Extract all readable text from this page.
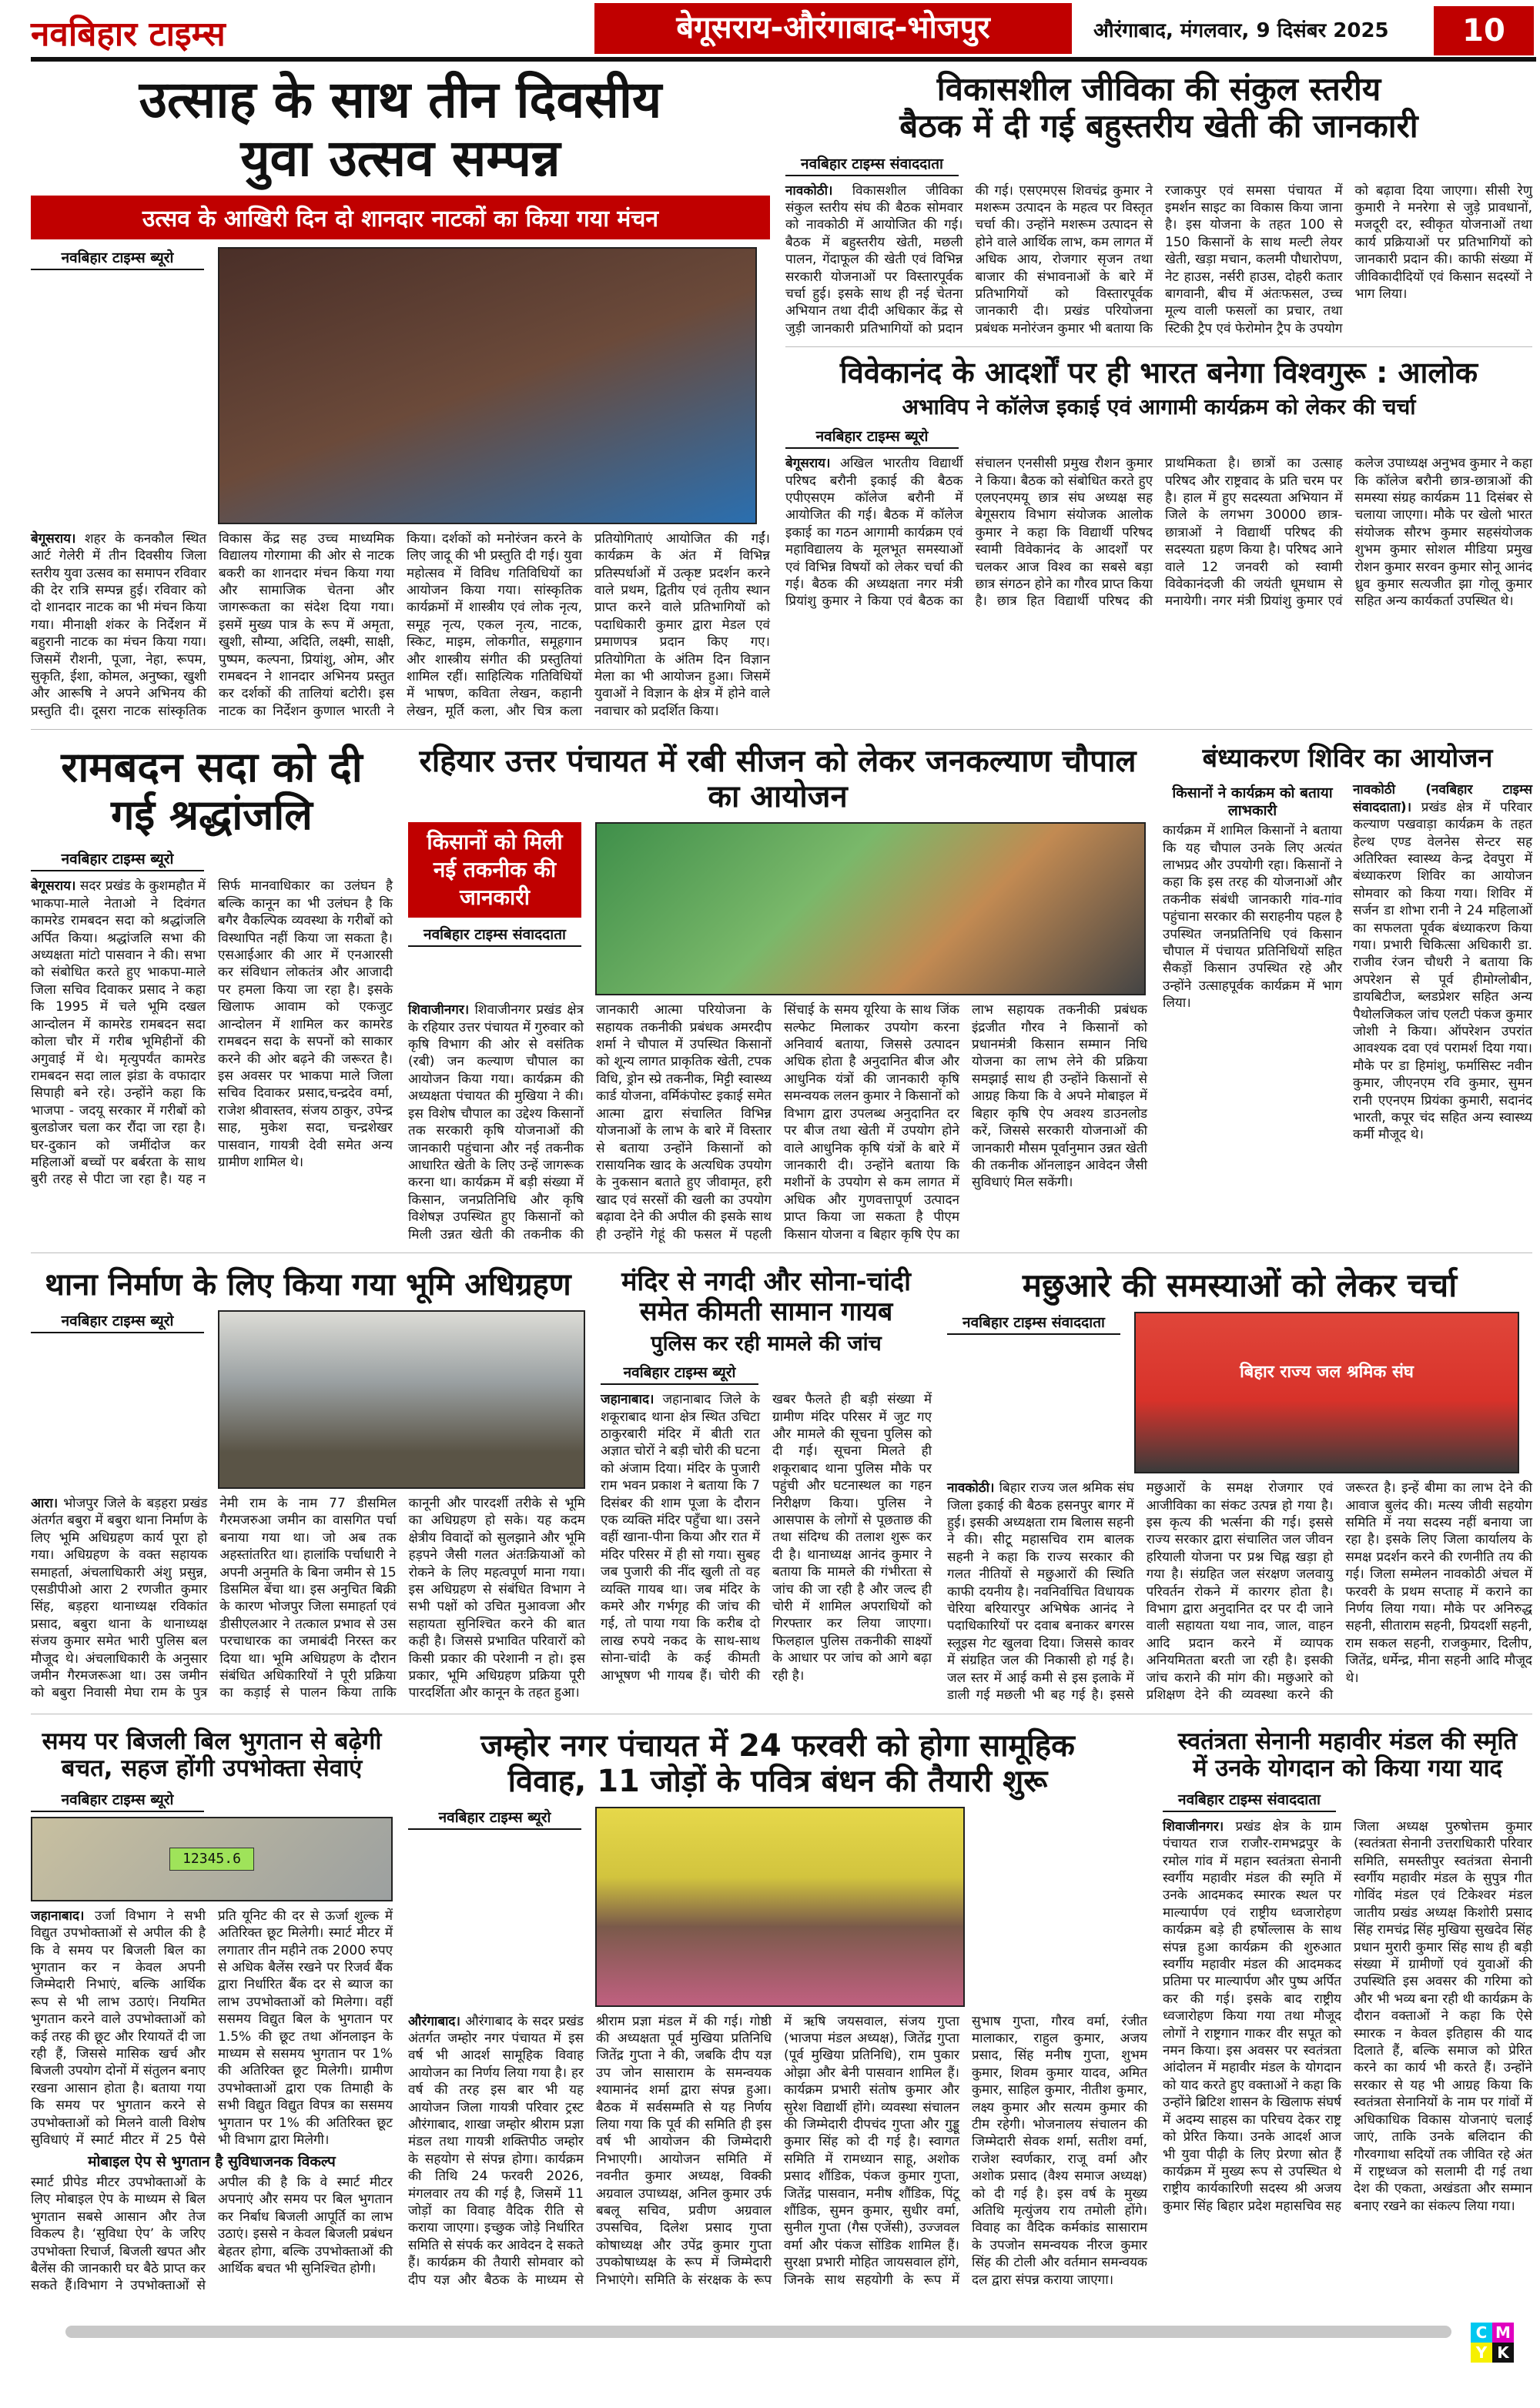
नवबिहार टाइम्स	बेगूसराय-औरंगाबाद-भोजपुर	औरंगाबाद, मंगलवार, 9 दिसंबर 2025	10
उत्साह के साथ तीन दिवसीय
युवा उत्सव सम्पन्न
उत्सव के आखिरी दिन दो शानदार नाटकों का किया गया मंचन
नवबिहार टाइम्स ब्यूरो
बेगूसराय। शहर के कनकौल स्थित आर्ट गेलेरी में तीन दिवसीय जिला स्तरीय युवा उत्सव का समापन रविवार की देर रात्रि सम्पन्न हुई। रविवार को दो शानदार नाटक का भी मंचन किया गया। मीनाक्षी शंकर के निर्देशन में बहुरानी नाटक का मंचन किया गया। जिसमें रौशनी, पूजा, नेहा, रूपम, सुकृति, ईशा, कोमल, अनुष्का, खुशी और आरूषि ने अपने अभिनय की प्रस्तुति दी। दूसरा नाटक सांस्कृतिक विकास केंद्र सह उच्च माध्यमिक विद्यालय गोरगामा की ओर से नाटक बकरी का शानदार मंचन किया गया और सामाजिक चेतना और जागरूकता का संदेश दिया गया। इसमें मुख्य पात्र के रूप में अमृता, खुशी, सौम्या, अदिति, लक्ष्मी, साक्षी, पुष्पम, कल्पना, प्रियांशु, ओम, और रामबदन ने शानदार अभिनय प्रस्तुत कर दर्शकों की तालियां बटोरी। इस नाटक का निर्देशन कुणाल भारती ने किया। दर्शकों को मनोरंजन करने के लिए जादू की भी प्रस्तुति दी गई। युवा महोत्सव में विविध गतिविधियों का आयोजन किया गया। सांस्कृतिक कार्यक्रमों में शास्त्रीय एवं लोक नृत्य, समूह नृत्य, एकल नृत्य, नाटक, स्किट, माइम, लोकगीत, समूहगान और शास्त्रीय संगीत की प्रस्तुतियां शामिल रहीं। साहित्यिक गतिविधियों में भाषण, कविता लेखन, कहानी लेखन, मूर्ति कला, और चित्र कला प्रतियोगिताएं आयोजित की गईं। कार्यक्रम के अंत में विभिन्न प्रतिस्पर्धाओं में उत्कृष्ट प्रदर्शन करने वाले प्रथम, द्वितीय एवं तृतीय स्थान प्राप्त करने वाले प्रतिभागियों को पदाधिकारी कुमार द्वारा मेडल एवं प्रमाणपत्र प्रदान किए गए। प्रतियोगिता के अंतिम दिन विज्ञान मेला का भी आयोजन हुआ। जिसमें युवाओं ने विज्ञान के क्षेत्र में होने वाले नवाचार को प्रदर्शित किया।
विकासशील जीविका की संकुल स्तरीय
बैठक में दी गई बहुस्तरीय खेती की जानकारी
नवबिहार टाइम्स संवाददाता
नावकोठी। विकासशील जीविका संकुल स्तरीय संघ की बैठक सोमवार को नावकोठी में आयोजित की गई। बैठक में बहुस्तरीय खेती, मछली पालन, गेंदाफूल की खेती एवं विभिन्न सरकारी योजनाओं पर विस्तारपूर्वक चर्चा हुई। इसके साथ ही नई चेतना अभियान तथा दीदी अधिकार केंद्र से जुड़ी जानकारी प्रतिभागियों को प्रदान की गई। एसएमएस शिवचंद्र कुमार ने मशरूम उत्पादन के महत्व पर विस्तृत चर्चा की। उन्होंने मशरूम उत्पादन से होने वाले आर्थिक लाभ, कम लागत में अधिक आय, रोजगार सृजन तथा बाजार की संभावनाओं के बारे में प्रतिभागियों को विस्तारपूर्वक जानकारी दी। प्रखंड परियोजना प्रबंधक मनोरंजन कुमार भी बताया कि रजाकपुर एवं समसा पंचायत में इमर्शन साइट का विकास किया जाना है। इस योजना के तहत 100 से 150 किसानों के साथ मल्टी लेयर खेती, खड़ा मचान, कलमी पौधारोपण, नेट हाउस, नर्सरी हाउस, दोहरी कतार बागवानी, बीच में अंतःफसल, उच्च मूल्य वाली फसलों का प्रचार, तथा स्टिकी ट्रैप एवं फेरोमोन ट्रैप के उपयोग को बढ़ावा दिया जाएगा। सीसी रेणु कुमारी ने मनरेगा से जुड़े प्रावधानों, मजदूरी दर, स्वीकृत योजनाओं तथा कार्य प्रक्रियाओं पर प्रतिभागियों को जानकारी प्रदान की। काफी संख्या में जीविकादीदियों एवं किसान सदस्यों ने भाग लिया।
विवेकानंद के आदर्शों पर ही भारत बनेगा विश्वगुरू : आलोक
अभाविप ने कॉलेज इकाई एवं आगामी कार्यक्रम को लेकर की चर्चा
नवबिहार टाइम्स ब्यूरो
बेगूसराय। अखिल भारतीय विद्यार्थी परिषद बरौनी इकाई की बैठक एपीएसएम कॉलेज बरौनी में आयोजित की गई। बैठक में कॉलेज इकाई का गठन आगामी कार्यक्रम एवं महाविद्यालय के मूलभूत समस्याओं एवं विभिन्न विषयों को लेकर चर्चा की गई। बैठक की अध्यक्षता नगर मंत्री प्रियांशु कुमार ने किया एवं बैठक का संचालन एनसीसी प्रमुख रौशन कुमार ने किया। बैठक को संबोधित करते हुए एलएनएमयू छात्र संघ अध्यक्ष सह बेगूसराय विभाग संयोजक आलोक कुमार ने कहा कि विद्यार्थी परिषद स्वामी विवेकानंद के आदर्शों पर चलकर आज विश्व का सबसे बड़ा छात्र संगठन होने का गौरव प्राप्त किया है। छात्र हित विद्यार्थी परिषद की प्राथमिकता है। छात्रों का उत्साह परिषद और राष्ट्रवाद के प्रति चरम पर है। हाल में हुए सदस्यता अभियान में जिले के लगभग 30000 छात्र-छात्राओं ने विद्यार्थी परिषद की सदस्यता ग्रहण किया है। परिषद आने वाले 12 जनवरी को स्वामी विवेकानंदजी की जयंती धूमधाम से मनायेगी। नगर मंत्री प्रियांशु कुमार एवं कलेज उपाध्यक्ष अनुभव कुमार ने कहा कि कॉलेज बरौनी छात्र-छात्राओं की समस्या संग्रह कार्यक्रम 11 दिसंबर से चलाया जाएगा। मौके पर खेलो भारत संयोजक सौरभ कुमार सहसंयोजक शुभम कुमार सोशल मीडिया प्रमुख रोशन कुमार सरवन कुमार सोनू आनंद ध्रुव कुमार सत्यजीत झा गोलू कुमार सहित अन्य कार्यकर्ता उपस्थित थे।
रामबदन सदा को दी
गई श्रद्धांजलि
नवबिहार टाइम्स ब्यूरो
बेगूसराय। सदर प्रखंड के कुशमहौत में भाकपा-माले नेताओ ने दिवंगत कामरेड रामबदन सदा को श्रद्धांजलि अर्पित किया। श्रद्धांजलि सभा की अध्यक्षता मांटो पासवान ने की। सभा को संबोधित करते हुए भाकपा-माले जिला सचिव दिवाकर प्रसाद ने कहा कि 1995 में चले भूमि दखल आन्दोलन में कामरेड रामबदन सदा कोला चौर में गरीब भूमिहीनों की अगुवाई में थे। मृत्युपर्यंत कामरेड रामबदन सदा लाल झंडा के वफादार सिपाही बने रहे। उन्होंने कहा कि भाजपा - जदयू सरकार में गरीबों को बुलडोजर चला कर रौंदा जा रहा है। घर-दुकान को जमींदोज कर महिलाओं बच्चों पर बर्बरता के साथ बुरी तरह से पीटा जा रहा है। यह न सिर्फ मानवाधिकार का उलंघन है बल्कि कानून का भी उलंघन है कि बगैर वैकल्पिक व्यवस्था के गरीबों को विस्थापित नहीं किया जा सकता है। एसआईआर की आर में एनआरसी कर संविधान लोकतंत्र और आजादी पर हमला किया जा रहा है। इसके खिलाफ आवाम को एकजुट आन्दोलन में शामिल कर कामरेड रामबदन सदा के सपनों को साकार करने की ओर बढ़ने की जरूरत है। इस अवसर पर भाकपा माले जिला सचिव दिवाकर प्रसाद,चन्द्रदेव वर्मा, राजेश श्रीवास्तव, संजय ठाकुर, उपेन्द्र साह, मुकेश सदा, चन्द्रशेखर पासवान, गायत्री देवी समेत अन्य ग्रामीण शामिल थे।
रहियार उत्तर पंचायत में रबी सीजन को लेकर जनकल्याण चौपाल का आयोजन
किसानों को मिली नई तकनीक की जानकारी
नवबिहार टाइम्स संवाददाता
शिवाजीनगर। शिवाजीनगर प्रखंड क्षेत्र के रहियार उत्तर पंचायत में गुरुवार को कृषि विभाग की ओर से वसंतिक (रबी) जन कल्याण चौपाल का आयोजन किया गया। कार्यक्रम की अध्यक्षता पंचायत की मुखिया ने की। इस विशेष चौपाल का उद्देश्य किसानों तक सरकारी कृषि योजनाओं की जानकारी पहुंचाना और नई तकनीक आधारित खेती के लिए उन्हें जागरूक करना था। कार्यक्रम में बड़ी संख्या में किसान, जनप्रतिनिधि और कृषि विशेषज्ञ उपस्थित हुए किसानों को मिली उन्नत खेती की तकनीक की जानकारी आत्मा परियोजना के सहायक तकनीकी प्रबंधक अमरदीप शर्मा ने चौपाल में उपस्थित किसानों को शून्य लागत प्राकृतिक खेती, टपक विधि, ड्रोन स्प्रे तकनीक, मिट्टी स्वास्थ्य कार्ड योजना, वर्मिकंपोस्ट इकाई समेत आत्मा द्वारा संचालित विभिन्न योजनाओं के लाभ के बारे में विस्तार से बताया उन्होंने किसानों को रासायनिक खाद के अत्यधिक उपयोग के नुकसान बताते हुए जीवामृत, हरी खाद एवं सरसों की खली का उपयोग बढ़ावा देने की अपील की इसके साथ ही उन्होंने गेहूं की फसल में पहली सिंचाई के समय यूरिया के साथ जिंक सल्फेट मिलाकर उपयोग करना अनिवार्य बताया, जिससे उत्पादन अधिक होता है अनुदानित बीज और आधुनिक यंत्रों की जानकारी कृषि समन्वयक ललन कुमार ने किसानों को विभाग द्वारा उपलब्ध अनुदानित दर पर बीज तथा खेती में उपयोग होने वाले आधुनिक कृषि यंत्रों के बारे में जानकारी दी। उन्होंने बताया कि मशीनों के उपयोग से कम लागत में अधिक और गुणवत्तापूर्ण उत्पादन प्राप्त किया जा सकता है पीएम किसान योजना व बिहार कृषि ऐप का लाभ सहायक तकनीकी प्रबंधक इंद्रजीत गौरव ने किसानों को प्रधानमंत्री किसान सम्मान निधि योजना का लाभ लेने की प्रक्रिया समझाई साथ ही उन्होंने किसानों से आग्रह किया कि वे अपने मोबाइल में बिहार कृषि ऐप अवश्य डाउनलोड करें, जिससे सरकारी योजनाओं की जानकारी मौसम पूर्वानुमान उन्नत खेती की तकनीक ऑनलाइन आवेदन जैसी सुविधाएं मिल सकेंगी।
बंध्याकरण शिविर का आयोजन
किसानों ने कार्यक्रम को बताया लाभकारी
कार्यक्रम में शामिल किसानों ने बताया कि यह चौपाल उनके लिए अत्यंत लाभप्रद और उपयोगी रहा। किसानों ने कहा कि इस तरह की योजनाओं और तकनीक संबंधी जानकारी गांव-गांव पहुंचाना सरकार की सराहनीय पहल है उपस्थित जनप्रतिनिधि एवं किसान चौपाल में पंचायत प्रतिनिधियों सहित सैकड़ों किसान उपस्थित रहे और उन्होंने उत्साहपूर्वक कार्यक्रम में भाग लिया।
नावकोठी (नवबिहार टाइम्स संवाददाता)। प्रखंड क्षेत्र में परिवार कल्याण पखवाड़ा कार्यक्रम के तहत हेल्थ एण्ड वेलनेस सेन्टर सह अतिरिक्त स्वास्थ्य केन्द्र देवपुरा में बंध्याकरण शिविर का आयोजन सोमवार को किया गया। शिविर में सर्जन डा शोभा रानी ने 24 महिलाओं का सफलता पूर्वक बंध्याकरण किया गया। प्रभारी चिकित्सा अधिकारी डा. राजीव रंजन चौधरी ने बताया कि अपरेशन से पूर्व हीमोग्लोबीन, डायबिटीज, ब्लडप्रेशर सहित अन्य पैथोलजिकल जांच एलटी पंकज कुमार जोशी ने किया। ऑपरेशन उपरांत आवश्यक दवा एवं परामर्श दिया गया। मौके पर डा हिमांशु, फर्मासिस्ट नवीन कुमार, जीएनएम रवि कुमार, सुमन रानी एएनएम प्रियंका कुमारी, सदानंद भारती, कपूर चंद सहित अन्य स्वास्थ्य कर्मी मौजूद थे।
थाना निर्माण के लिए किया गया भूमि अधिग्रहण
नवबिहार टाइम्स ब्यूरो
आरा। भोजपुर जिले के बड़हरा प्रखंड अंतर्गत बबुरा में बबुरा थाना निर्माण के लिए भूमि अधिग्रहण कार्य पूरा हो गया। अधिग्रहण के वक्त सहायक समाहर्ता, अंचलाधिकारी अंशु प्रसुन्न, एसडीपीओ आरा 2 रणजीत कुमार सिंह, बड़हरा थानाध्यक्ष रविकांत प्रसाद, बबुरा थाना के थानाध्यक्ष संजय कुमार समेत भारी पुलिस बल मौजूद थे। अंचलाधिकारी के अनुसार जमीन गैरमजरूआ था। उस जमीन को बबुरा निवासी मेघा राम के पुत्र नेमी राम के नाम 77 डीसमिल गैरमजरुआ जमीन का वासगित पर्चा बनाया गया था। जो अब तक अहस्तांतरित था। हालांकि पर्चाधारी ने अपनी अनुमति के बिना जमीन से 15 डिसमिल बेंचा था। इस अनुचित बिक्री के कारण भोजपुर जिला समाहर्ता एवं डीसीएलआर ने तत्काल प्रभाव से उस परचाधारक का जमाबंदी निरस्त कर दिया था। भूमि अधिग्रहण के दौरान संबंधित अधिकारियों ने पूरी प्रक्रिया का कड़ाई से पालन किया ताकि कानूनी और पारदर्शी तरीके से भूमि का अधिग्रहण हो सके। यह कदम क्षेत्रीय विवादों को सुलझाने और भूमि हड़पने जैसी गलत अंतःक्रियाओं को रोकने के लिए महत्वपूर्ण माना गया। इस अधिग्रहण से संबंधित विभाग ने सभी पक्षों को उचित मुआवजा और सहायता सुनिश्चित करने की बात कही है। जिससे प्रभावित परिवारों को किसी प्रकार की परेशानी न हो। इस प्रकार, भूमि अधिग्रहण प्रक्रिया पूरी पारदर्शिता और कानून के तहत हुआ।
मंदिर से नगदी और सोना-चांदी
समेत कीमती सामान गायब
पुलिस कर रही मामले की जांच
नवबिहार टाइम्स ब्यूरो
जहानाबाद। जहानाबाद जिले के शकूराबाद थाना क्षेत्र स्थित उचिटा ठाकुरबारी मंदिर में बीती रात अज्ञात चोरों ने बड़ी चोरी की घटना को अंजाम दिया। मंदिर के पुजारी राम भवन प्रकाश ने बताया कि 7 दिसंबर की शाम पूजा के दौरान एक व्यक्ति मंदिर पहुँचा था। उसने वहीं खाना-पीना किया और रात में मंदिर परिसर में ही सो गया। सुबह जब पुजारी की नींद खुली तो वह व्यक्ति गायब था। जब मंदिर के कमरे और गर्भगृह की जांच की गई, तो पाया गया कि करीब दो लाख रुपये नकद के साथ-साथ सोना-चांदी के कई कीमती आभूषण भी गायब हैं। चोरी की खबर फैलते ही बड़ी संख्या में ग्रामीण मंदिर परिसर में जुट गए और मामले की सूचना पुलिस को दी गई। सूचना मिलते ही शकूराबाद थाना पुलिस मौके पर पहुंची और घटनास्थल का गहन निरीक्षण किया। पुलिस ने आसपास के लोगों से पूछताछ की तथा संदिग्ध की तलाश शुरू कर दी है। थानाध्यक्ष आनंद कुमार ने बताया कि मामले की गंभीरता से जांच की जा रही है और जल्द ही चोरी में शामिल अपराधियों को गिरफ्तार कर लिया जाएगा। फिलहाल पुलिस तकनीकी साक्ष्यों के आधार पर जांच को आगे बढ़ा रही है।
मछुआरे की समस्याओं को लेकर चर्चा
नवबिहार टाइम्स संवाददाता
बिहार राज्य जल श्रमिक संघ
नावकोठी। बिहार राज्य जल श्रमिक संघ जिला इकाई की बैठक हसनपुर बागर में हुई। इसकी अध्यक्षता राम बिलास सहनी ने की। सीटू महासचिव राम बालक सहनी ने कहा कि राज्य सरकार की गलत नीतियों से मछुआरों की स्थिति काफी दयनीय है। नवनिर्वाचित विधायक चेरिया बरियारपुर अभिषेक आनंद ने पदाधिकारियों पर दवाब बनाकर बगरस स्लूइस गेट खुलवा दिया। जिससे कावर में संग्रहित जल की निकासी हो गई है। जल स्तर में आई कमी से इस इलाके में डाली गई मछली भी बह गई है। इससे मछुआरों के समक्ष रोजगार एवं आजीविका का संकट उत्पन्न हो गया है। इस कृत्य की भर्त्सना की गई। इससे राज्य सरकार द्वारा संचालित जल जीवन हरियाली योजना पर प्रश्न चिह्न खड़ा हो गया है। संग्रहित जल संरक्षण जलवायु परिवर्तन रोकने में कारगर होता है। विभाग द्वारा अनुदानित दर पर दी जाने वाली सहायता यथा नाव, जाल, वाहन आदि प्रदान करने में व्यापक अनियमितता बरती जा रही है। इसकी जांच कराने की मांग की। मछुआरे को प्रशिक्षण देने की व्यवस्था करने की जरूरत है। इन्हें बीमा का लाभ देने की आवाज बुलंद की। मत्स्य जीवी सहयोग समिति में नया सदस्य नहीं बनाया जा रहा है। इसके लिए जिला कार्यालय के समक्ष प्रदर्शन करने की रणनीति तय की गई। जिला सम्मेलन नावकोठी अंचल में फरवरी के प्रथम सप्ताह में कराने का निर्णय लिया गया। मौके पर अनिरुद्ध सहनी, सीताराम सहनी, प्रियदर्शी सहनी, राम सकल सहनी, राजकुमार, दिलीप, जितेंद्र, धर्मेन्द्र, मीना सहनी आदि मौजूद थे।
समय पर बिजली बिल भुगतान से बढ़ेगी
बचत, सहज होंगी उपभोक्ता सेवाएं
नवबिहार टाइम्स ब्यूरो
12345.6
जहानाबाद। उर्जा विभाग ने सभी विद्युत उपभोक्ताओं से अपील की है कि वे समय पर बिजली बिल का भुगतान कर न केवल अपनी जिम्मेदारी निभाएं, बल्कि आर्थिक रूप से भी लाभ उठाएं। नियमित भुगतान करने वाले उपभोक्ताओं को कई तरह की छूट और रियायतें दी जा रही हैं, जिससे मासिक खर्च और बिजली उपयोग दोनों में संतुलन बनाए रखना आसान होता है। बताया गया कि समय पर भुगतान करने से उपभोक्ताओं को मिलने वाली विशेष सुविधाएं में स्मार्ट मीटर में 25 पैसे प्रति यूनिट की दर से ऊर्जा शुल्क में अतिरिक्त छूट मिलेगी। स्मार्ट मीटर में लगातार तीन महीने तक 2000 रुपए से अधिक बैलेंस रखने पर रिजर्व बैंक द्वारा निर्धारित बैंक दर से ब्याज का लाभ उपभोक्ताओं को मिलेगा। वहीं ससमय विद्युत बिल के भुगतान पर 1.5% की छूट तथा ऑनलाइन के माध्यम से ससमय भुगतान पर 1% की अतिरिक्त छूट मिलेगी। ग्रामीण उपभोक्ताओं द्वारा एक तिमाही के सभी विद्युत विद्युत विपत्र का ससमय भुगतान पर 1% की अतिरिक्त छूट भी विभाग द्वारा मिलेगी।
मोबाइल ऐप से भुगतान है सुविधाजनक विकल्प
स्मार्ट प्रीपेड मीटर उपभोक्ताओं के लिए मोबाइल ऐप के माध्यम से बिल भुगतान सबसे आसान और तेज विकल्प है। ‘सुविधा ऐप’ के जरिए उपभोक्ता रिचार्ज, बिजली खपत और बैलेंस की जानकारी घर बैठे प्राप्त कर सकते हैं।विभाग ने उपभोक्ताओं से अपील की है कि वे स्मार्ट मीटर अपनाएं और समय पर बिल भुगतान कर निर्बाध बिजली आपूर्ति का लाभ उठाएं। इससे न केवल बिजली प्रबंधन बेहतर होगा, बल्कि उपभोक्ताओं की आर्थिक बचत भी सुनिश्चित होगी।
जम्होर नगर पंचायत में 24 फरवरी को होगा सामूहिक
विवाह, 11 जोड़ों के पवित्र बंधन की तैयारी शुरू
नवबिहार टाइम्स ब्यूरो
औरंगाबाद। औरंगाबाद के सदर प्रखंड अंतर्गत जम्होर नगर पंचायत में इस वर्ष भी आदर्श सामूहिक विवाह आयोजन का निर्णय लिया गया है। हर वर्ष की तरह इस बार भी यह आयोजन जिला गायत्री परिवार ट्रस्ट औरंगाबाद, शाखा जम्होर श्रीराम प्रज्ञा मंडल तथा गायत्री शक्तिपीठ जम्होर के सहयोग से संपन्न होगा। कार्यक्रम की तिथि 24 फरवरी 2026, मंगलवार तय की गई है, जिसमें 11 जोड़ों का विवाह वैदिक रीति से कराया जाएगा। इच्छुक जोड़े निर्धारित समिति से संपर्क कर आवेदन दे सकते हैं। कार्यक्रम की तैयारी सोमवार को दीप यज्ञ और बैठक के माध्यम से श्रीराम प्रज्ञा मंडल में की गई। गोष्ठी की अध्यक्षता पूर्व मुखिया प्रतिनिधि जितेंद्र गुप्ता ने की, जबकि दीप यज्ञ उप जोन सासाराम के समन्वयक श्यामानंद शर्मा द्वारा संपन्न हुआ। बैठक में सर्वसम्मति से यह निर्णय लिया गया कि पूर्व की समिति ही इस वर्ष भी आयोजन की जिम्मेदारी निभाएगी। आयोजन समिति में नवनीत कुमार अध्यक्ष, विक्की अग्रवाल उपाध्यक्ष, अनिल कुमार उर्फ बबलू सचिव, प्रवीण अग्रवाल उपसचिव, दिलेश प्रसाद गुप्ता कोषाध्यक्ष और उपेंद्र कुमार गुप्ता उपकोषाध्यक्ष के रूप में जिम्मेदारी निभाएंगे। समिति के संरक्षक के रूप में ऋषि जयसवाल, संजय गुप्ता (भाजपा मंडल अध्यक्ष), जितेंद्र गुप्ता (पूर्व मुखिया प्रतिनिधि), राम पुकार ओझा और बेनी पासवान शामिल हैं। कार्यक्रम प्रभारी संतोष कुमार और सुरेश विद्यार्थी होंगे। व्यवस्था संचालन की जिम्मेदारी दीपचंद गुप्ता और गुड्डू कुमार सिंह को दी गई है। स्वागत समिति में रामध्यान साहू, अशोक प्रसाद शौंडिक, पंकज कुमार गुप्ता, जितेंद्र पासवान, मनीष शौंडिक, पिंटू शौंडिक, सुमन कुमार, सुधीर वर्मा, सुनील गुप्ता (गैस एजेंसी), उज्जवल वर्मा और पंकज सोंडिक शामिल हैं। सुरक्षा प्रभारी मोहित जायसवाल होंगे, जिनके साथ सहयोगी के रूप में सुभाष गुप्ता, गौरव वर्मा, रंजीत मालाकार, राहुल कुमार, अजय प्रसाद, सिंह मनीष गुप्ता, शुभम कुमार, शिवम कुमार यादव, अमित कुमार, साहिल कुमार, नीतीश कुमार, लक्ष्य कुमार और सत्यम कुमार की टीम रहेगी। भोजनालय संचालन की जिम्मेदारी सेवक शर्मा, सतीश वर्मा, राजेश स्वर्णकार, राजू वर्मा और अशोक प्रसाद (वैश्य समाज अध्यक्ष) को दी गई है। इस वर्ष के मुख्य अतिथि मृत्युंजय राय तमोली होंगे। विवाह का वैदिक कर्मकांड सासाराम के उपजोन समन्वयक नीरज कुमार सिंह की टोली और वर्तमान समन्वयक दल द्वारा संपन्न कराया जाएगा।
स्वतंत्रता सेनानी महावीर मंडल की स्मृति
में उनके योगदान को किया गया याद
नवबिहार टाइम्स संवाददाता
शिवाजीनगर। प्रखंड क्षेत्र के ग्राम पंचायत राज राजौर-रामभद्रपुर के रमोल गांव में महान स्वतंत्रता सेनानी स्वर्गीय महावीर मंडल की स्मृति में उनके आदमकद स्मारक स्थल पर माल्यार्पण एवं राष्ट्रीय ध्वजारोहण कार्यक्रम बड़े ही हर्षोल्लास के साथ संपन्न हुआ कार्यक्रम की शुरुआत स्वर्गीय महावीर मंडल की आदमकद प्रतिमा पर माल्यार्पण और पुष्प अर्पित कर की गई। इसके बाद राष्ट्रीय ध्वजारोहण किया गया तथा मौजूद लोगों ने राष्ट्रगान गाकर वीर सपूत को नमन किया। इस अवसर पर स्वतंत्रता आंदोलन में महावीर मंडल के योगदान को याद करते हुए वक्ताओं ने कहा कि उन्होंने ब्रिटिश शासन के खिलाफ संघर्ष में अदम्य साहस का परिचय देकर राष्ट्र को प्रेरित किया। उनके आदर्श आज भी युवा पीढ़ी के लिए प्रेरणा स्रोत हैं कार्यक्रम में मुख्य रूप से उपस्थित थे राष्ट्रीय कार्यकारिणी सदस्य श्री अजय कुमार सिंह बिहार प्रदेश महासचिव सह जिला अध्यक्ष पुरुषोत्तम कुमार (स्वतंत्रता सेनानी उत्तराधिकारी परिवार समिति, समस्तीपुर स्वतंत्रता सेनानी स्वर्गीय महावीर मंडल के सुपुत्र गीत गोविंद मंडल एवं टिकेश्वर मंडल जातीय प्रखंड अध्यक्ष किशोरी प्रसाद सिंह रामचंद्र सिंह मुखिया सुखदेव सिंह प्रधान मुरारी कुमार सिंह साथ ही बड़ी संख्या में ग्रामीणों एवं युवाओं की उपस्थिति इस अवसर की गरिमा को और भी भव्य बना रही थी कार्यक्रम के दौरान वक्ताओं ने कहा कि ऐसे स्मारक न केवल इतिहास की याद दिलाते हैं, बल्कि समाज को प्रेरित करने का कार्य भी करते हैं। उन्होंने सरकार से यह भी आग्रह किया कि स्वतंत्रता सेनानियों के नाम पर गांवों में अधिकाधिक विकास योजनाएं चलाई जाएं, ताकि उनके बलिदान की गौरवगाथा सदियों तक जीवित रहे अंत में राष्ट्रध्वज को सलामी दी गई तथा देश की एकता, अखंडता और सम्मान बनाए रखने का संकल्प लिया गया।
C MY K
